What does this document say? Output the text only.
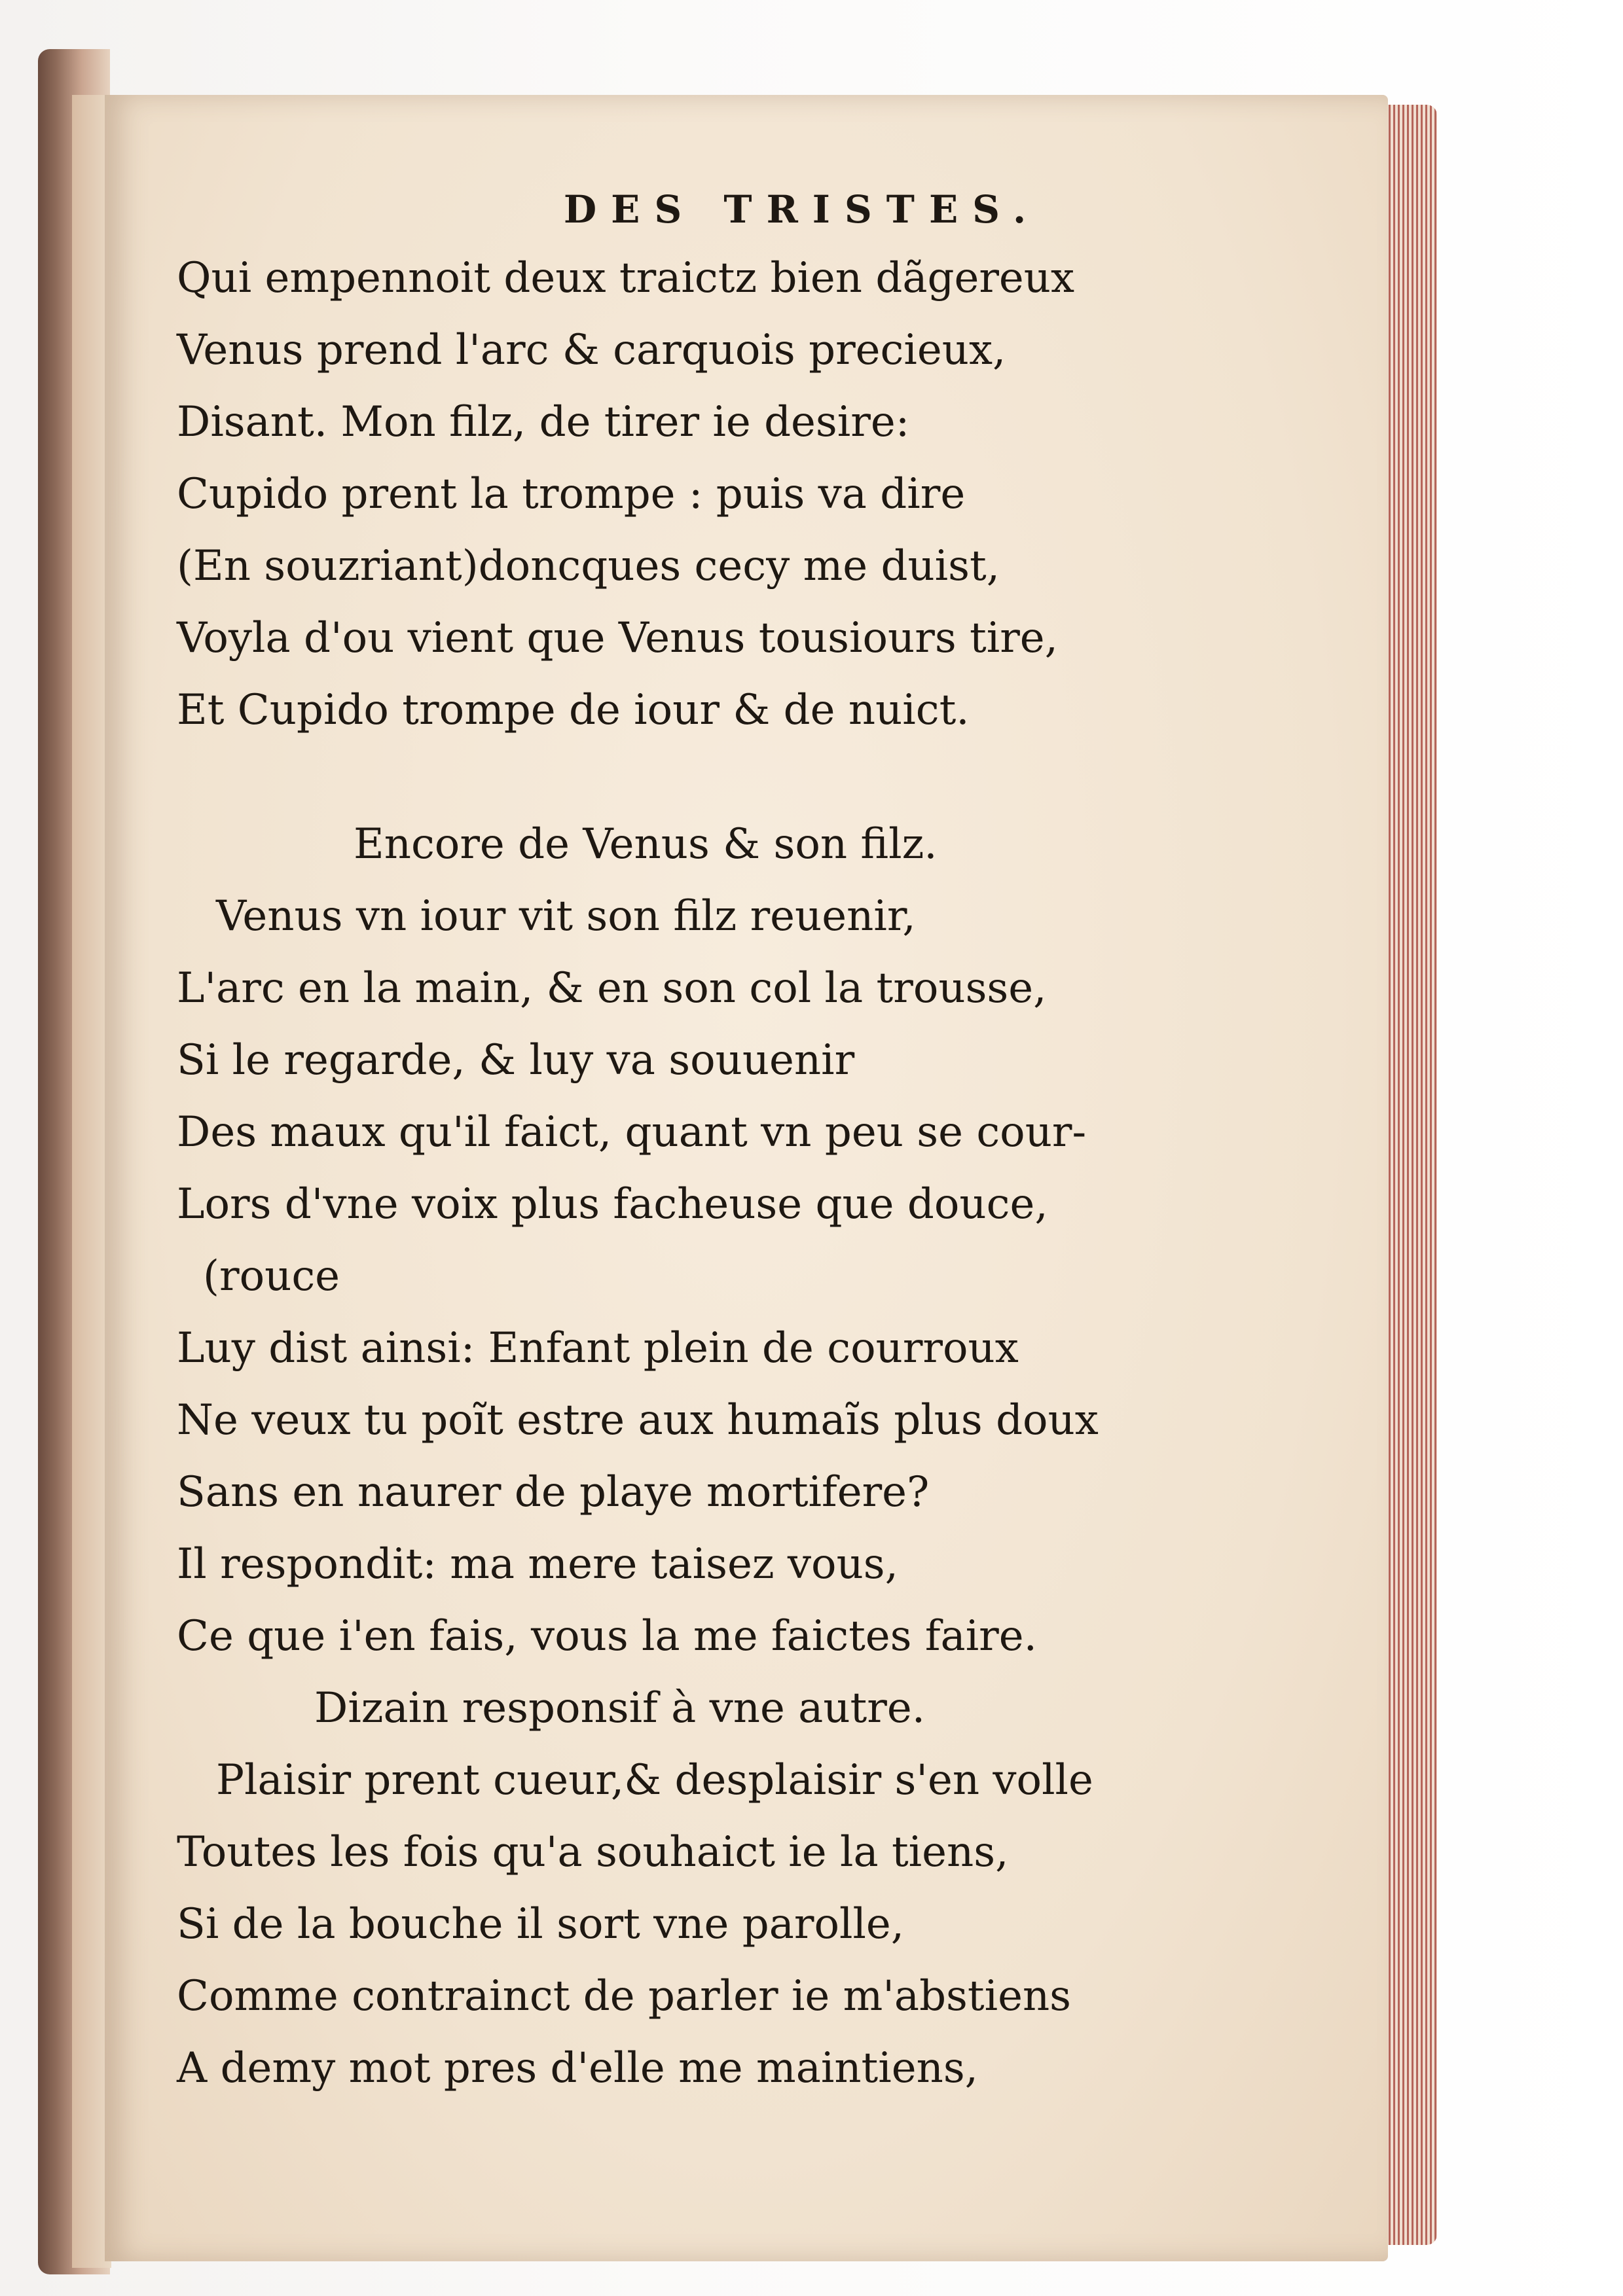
DES TRISTES.
Qui empennoit deux traictz bien dãgereux
Venus prend l'arc & carquois precieux,
Disant. Mon filz, de tirer ie desire:
Cupido prent la trompe : puis va dire
(En souzriant)doncques cecy me duist,
Voyla d'ou vient que Venus tousiours tire,
Et Cupido trompe de iour & de nuict.
Encore de Venus & son filz.
Venus vn iour vit son filz reuenir,
L'arc en la main, & en son col la trousse,
Si le regarde, & luy va souuenir
Des maux qu'il faict, quant vn peu se cour-
Lors d'vne voix plus facheuse que douce,
(rouce
Luy dist ainsi: Enfant plein de courroux
Ne veux tu poĩt estre aux humaĩs plus doux
Sans en naurer de playe mortifere?
Il respondit: ma mere taisez vous,
Ce que i'en fais, vous la me faictes faire.
Dizain responsif à vne autre.
Plaisir prent cueur,& desplaisir s'en volle
Toutes les fois qu'a souhaict ie la tiens,
Si de la bouche il sort vne parolle,
Comme contrainct de parler ie m'abstiens
A demy mot pres d'elle me maintiens,
